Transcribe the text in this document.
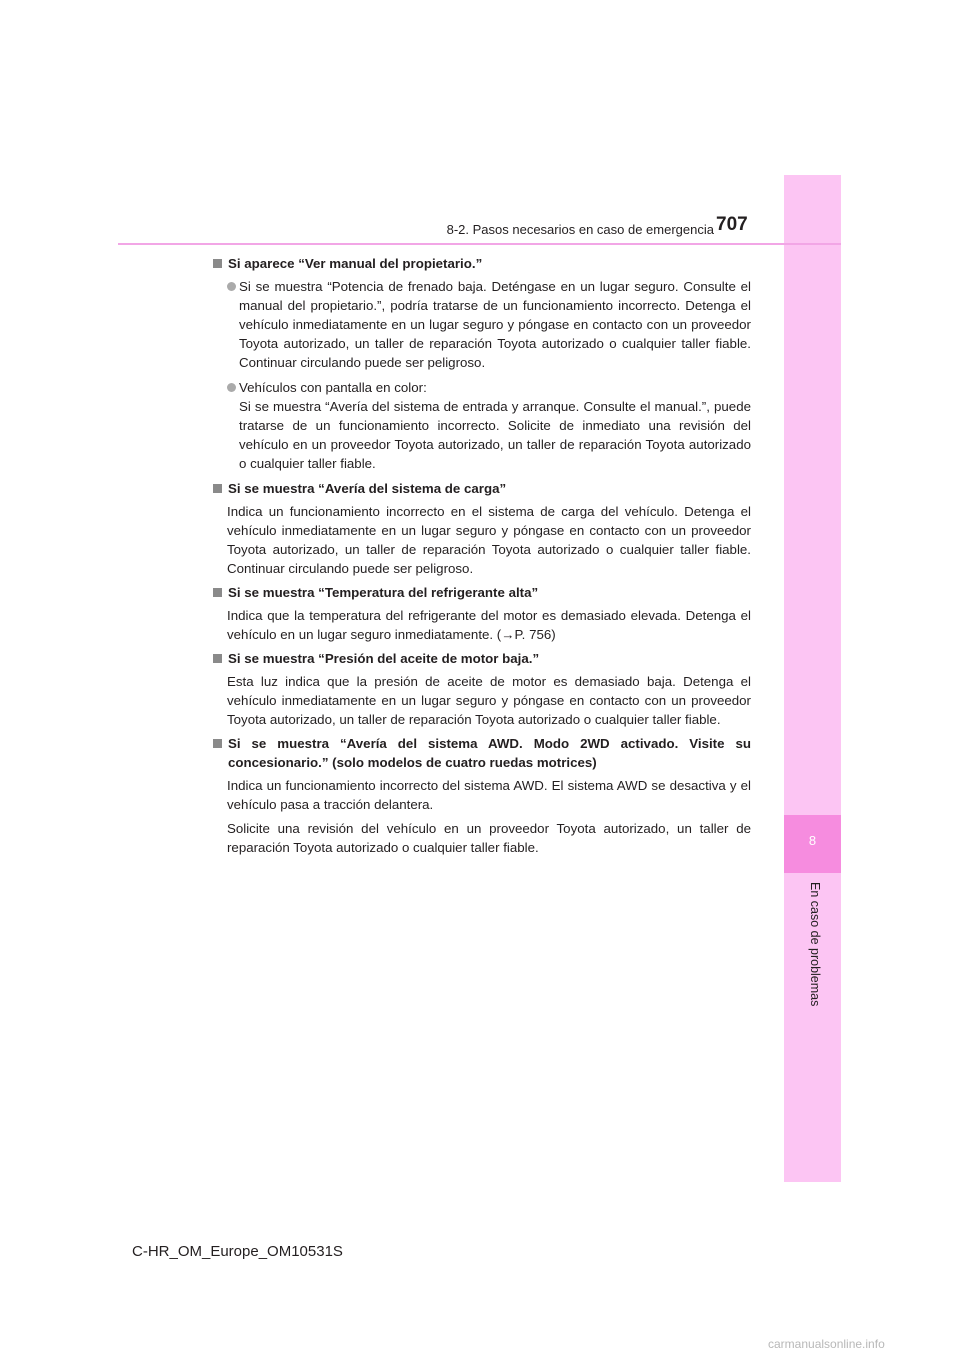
8
En caso de problemas
8-2. Pasos necesarios en caso de emergencia 707
Si aparece “Ver manual del propietario.”
Si se muestra “Potencia de frenado baja. Deténgase en un lugar seguro. Consulte el manual del propietario.”, podría tratarse de un funcionamiento incorrecto. Detenga el vehículo inmediatamente en un lugar seguro y póngase en contacto con un proveedor Toyota autorizado, un taller de reparación Toyota autorizado o cualquier taller fiable. Continuar circulando puede ser peligroso.
Vehículos con pantalla en color:
Si se muestra “Avería del sistema de entrada y arranque. Consulte el manual.”, puede tratarse de un funcionamiento incorrecto. Solicite de inmediato una revisión del vehículo en un proveedor Toyota autorizado, un taller de reparación Toyota autorizado o cualquier taller fiable.
Si se muestra “Avería del sistema de carga”
Indica un funcionamiento incorrecto en el sistema de carga del vehículo. Detenga el vehículo inmediatamente en un lugar seguro y póngase en contacto con un proveedor Toyota autorizado, un taller de reparación Toyota autorizado o cualquier taller fiable. Continuar circulando puede ser peligroso.
Si se muestra “Temperatura del refrigerante alta”
Indica que la temperatura del refrigerante del motor es demasiado elevada. Detenga el vehículo en un lugar seguro inmediatamente. (→P. 756)
Si se muestra “Presión del aceite de motor baja.”
Esta luz indica que la presión de aceite de motor es demasiado baja. Detenga el vehículo inmediatamente en un lugar seguro y póngase en contacto con un proveedor Toyota autorizado, un taller de reparación Toyota autorizado o cualquier taller fiable.
Si se muestra “Avería del sistema AWD. Modo 2WD activado. Visite su concesionario.” (solo modelos de cuatro ruedas motrices)
Indica un funcionamiento incorrecto del sistema AWD. El sistema AWD se desactiva y el vehículo pasa a tracción delantera.
Solicite una revisión del vehículo en un proveedor Toyota autorizado, un taller de reparación Toyota autorizado o cualquier taller fiable.
C-HR_OM_Europe_OM10531S
carmanualsonline.info
